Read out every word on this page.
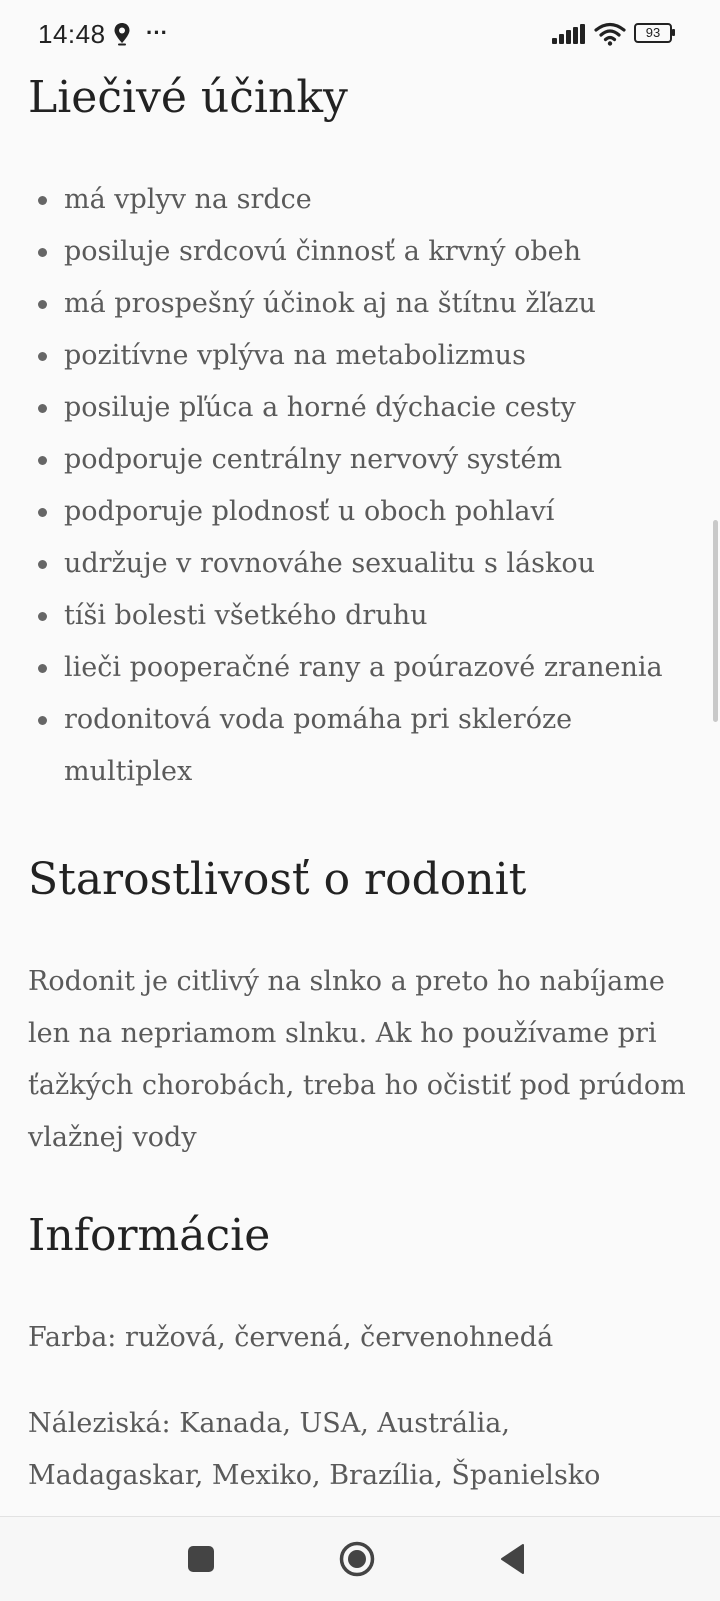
14:48 ···	93
Liečivé účinky
má vplyv na srdce
posiluje srdcovú činnosť a krvný obeh
má prospešný účinok aj na štítnu žľazu
pozitívne vplýva na metabolizmus
posiluje pľúca a horné dýchacie cesty
podporuje centrálny nervový systém
podporuje plodnosť u oboch pohlaví
udržuje v rovnováhe sexualitu s láskou
tíši bolesti všetkého druhu
lieči pooperačné rany a poúrazové zranenia
rodonitová voda pomáha pri skleróze multiplex
Starostlivosť o rodonit

Rodonit je citlivý na slnko a preto ho nabíjame len na nepriamom slnku. Ak ho používame pri ťažkých chorobách, treba ho očistiť pod prúdom vlažnej vody

Informácie

Farba: ružová, červená, červenohnedá

Náleziská: Kanada, USA, Austrália, Madagaskar, Mexiko, Brazília, Španielsko
